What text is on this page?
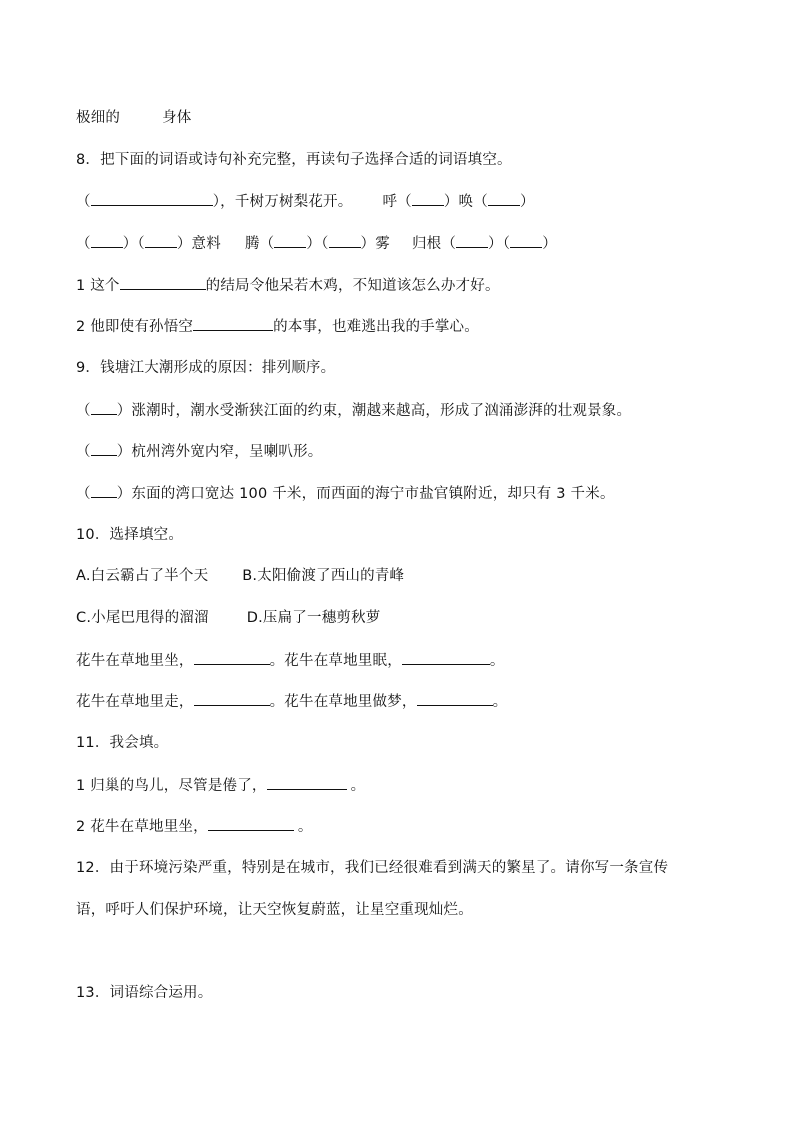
极细的	身体
8．把下面的词语或诗句补充完整，再读句子选择合适的词语填空。
（	），千树万树梨花开。 呼（ ）唤（ ）
（ ）（ ）意料 腾（ ）（ ）雾 归根（ ）（ ）
1 这个	的结局令他呆若木鸡，不知道该怎么办才好。
2 他即使有孙悟空	的本事，也难逃出我的手掌心。
9．钱塘江大潮形成的原因：排列顺序。
（ ）涨潮时，潮水受渐狭江面的约束，潮越来越高，形成了汹涌澎湃的壮观景象。
（ ）杭州湾外宽内窄，呈喇叭形。
（ ）东面的湾口宽达 100 千米，而西面的海宁市盐官镇附近，却只有 3 千米。
10．选择填空。
A.白云霸占了半个天 B.太阳偷渡了西山的青峰
C.小尾巴甩得的溜溜	D.压扁了一穗剪秋萝
花牛在草地里坐，	。花牛在草地里眠，	。
花牛在草地里走，	。花牛在草地里做梦，	。
11．我会填。
1 归巢的鸟儿，尽管是倦了，	。
2 花牛在草地里坐，	。
12．由于环境污染严重，特别是在城市，我们已经很难看到满天的繁星了。请你写一条宣传
语，呼吁人们保护环境，让天空恢复蔚蓝，让星空重现灿烂。
13．词语综合运用。
